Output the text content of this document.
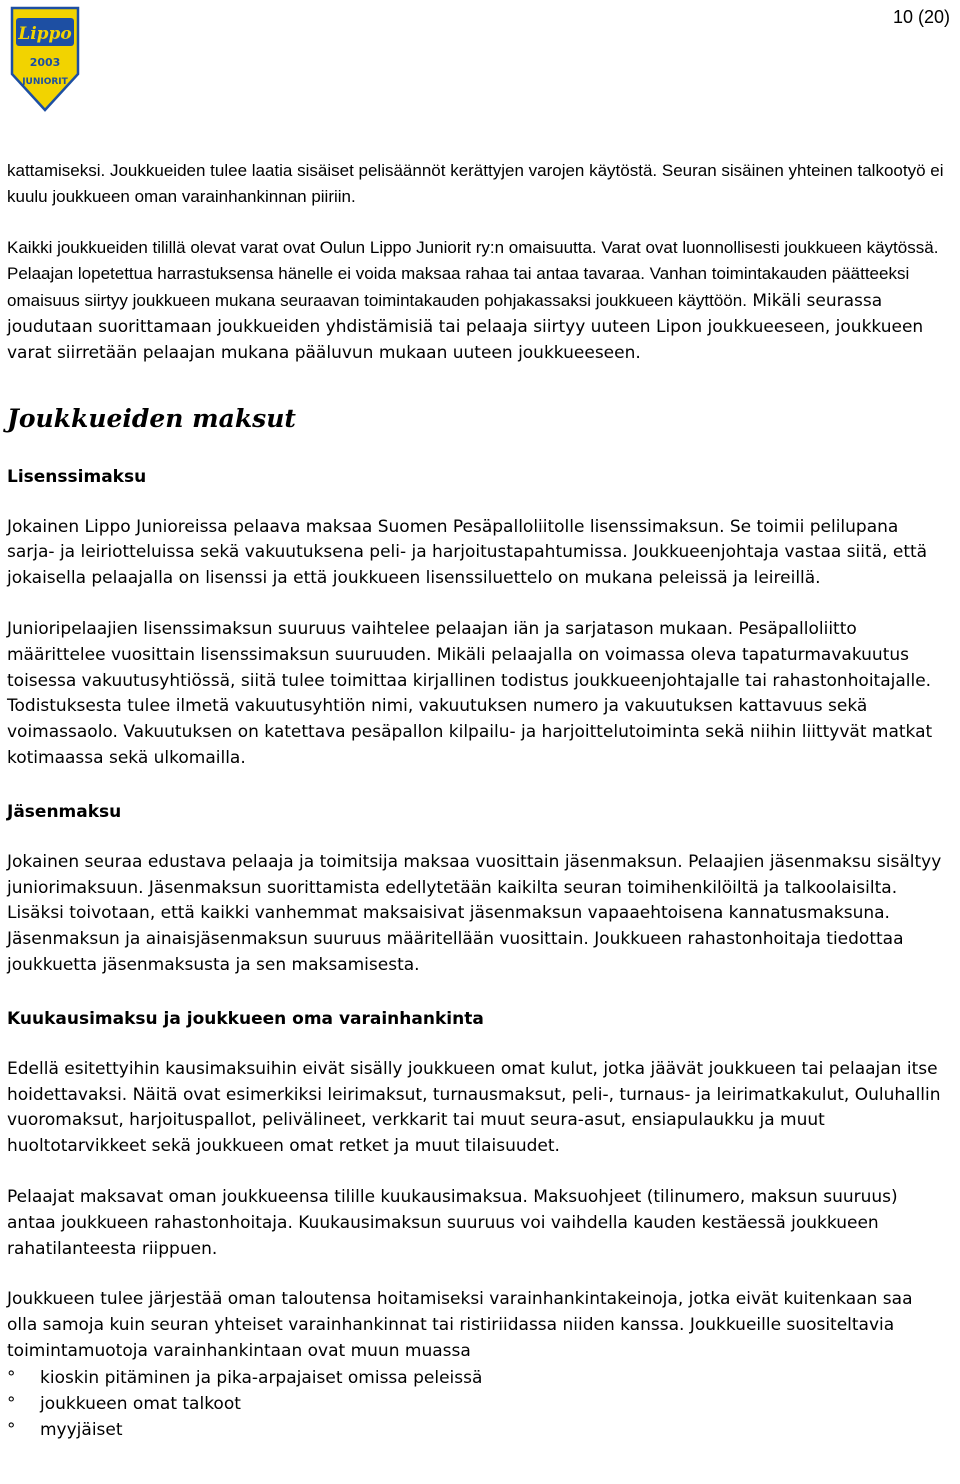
Lippo
2003
JUNIORIT
10 (20)

kattamiseksi. Joukkueiden tulee laatia sisäiset pelisäännöt kerättyjen varojen käytöstä. Seuran sisäinen yhteinen talkootyö ei kuulu joukkueen oman varainhankinnan piiriin.

Kaikki joukkueiden tilillä olevat varat ovat Oulun Lippo Juniorit ry:n omaisuutta. Varat ovat luonnollisesti joukkueen käytössä. Pelaajan lopetettua harrastuksensa hänelle ei voida maksaa rahaa tai antaa tavaraa. Vanhan toimintakauden päätteeksi omaisuus siirtyy joukkueen mukana seuraavan toimintakauden pohjakassaksi joukkueen käyttöön. Mikäli seurassa joudutaan suorittamaan joukkueiden yhdistämisiä tai pelaaja siirtyy uuteen Lipon joukkueeseen, joukkueen varat siirretään pelaajan mukana pääluvun mukaan uuteen joukkueeseen.

Joukkueiden maksut
Lisenssimaksu

Jokainen Lippo Junioreissa pelaava maksaa Suomen Pesäpalloliitolle lisenssimaksun. Se toimii pelilupana sarja- ja leiriotteluissa sekä vakuutuksena peli- ja harjoitustapahtumissa. Joukkueenjohtaja vastaa siitä, että jokaisella pelaajalla on lisenssi ja että joukkueen lisenssiluettelo on mukana peleissä ja leireillä.

Junioripelaajien lisenssimaksun suuruus vaihtelee pelaajan iän ja sarjatason mukaan. Pesäpalloliitto määrittelee vuosittain lisenssimaksun suuruuden. Mikäli pelaajalla on voimassa oleva tapaturmavakuutus toisessa vakuutusyhtiössä, siitä tulee toimittaa kirjallinen todistus joukkueenjohtajalle tai rahastonhoitajalle. Todistuksesta tulee ilmetä vakuutusyhtiön nimi, vakuutuksen numero ja vakuutuksen kattavuus sekä voimassaolo. Vakuutuksen on katettava pesäpallon kilpailu- ja harjoittelutoiminta sekä niihin liittyvät matkat kotimaassa sekä ulkomailla.

Jäsenmaksu

Jokainen seuraa edustava pelaaja ja toimitsija maksaa vuosittain jäsenmaksun. Pelaajien jäsenmaksu sisältyy juniorimaksuun. Jäsenmaksun suorittamista edellytetään kaikilta seuran toimihenkilöiltä ja talkoolaisilta. Lisäksi toivotaan, että kaikki vanhemmat maksaisivat jäsenmaksun vapaaehtoisena kannatusmaksuna. Jäsenmaksun ja ainaisjäsenmaksun suuruus määritellään vuosittain. Joukkueen rahastonhoitaja tiedottaa joukkuetta jäsenmaksusta ja sen maksamisesta.

Kuukausimaksu ja joukkueen oma varainhankinta

Edellä esitettyihin kausimaksuihin eivät sisälly joukkueen omat kulut, jotka jäävät joukkueen tai pelaajan itse hoidettavaksi. Näitä ovat esimerkiksi leirimaksut, turnausmaksut, peli-, turnaus- ja leirimatkakulut, Ouluhallin vuoromaksut, harjoituspallot, pelivälineet, verkkarit tai muut seura-asut, ensiapulaukku ja muut huoltotarvikkeet sekä joukkueen omat retket ja muut tilaisuudet.

Pelaajat maksavat oman joukkueensa tilille kuukausimaksua. Maksuohjeet (tilinumero, maksun suuruus) antaa joukkueen rahastonhoitaja. Kuukausimaksun suuruus voi vaihdella kauden kestäessä joukkueen rahatilanteesta riippuen.

Joukkueen tulee järjestää oman taloutensa hoitamiseksi varainhankintakeinoja, jotka eivät kuitenkaan saa olla samoja kuin seuran yhteiset varainhankinnat tai ristiriidassa niiden kanssa. Joukkueille suositeltavia toimintamuotoja varainhankintaan ovat muun muassa

° kioskin pitäminen ja pika-arpajaiset omissa peleissä
° joukkueen omat talkoot
° myyjäiset
